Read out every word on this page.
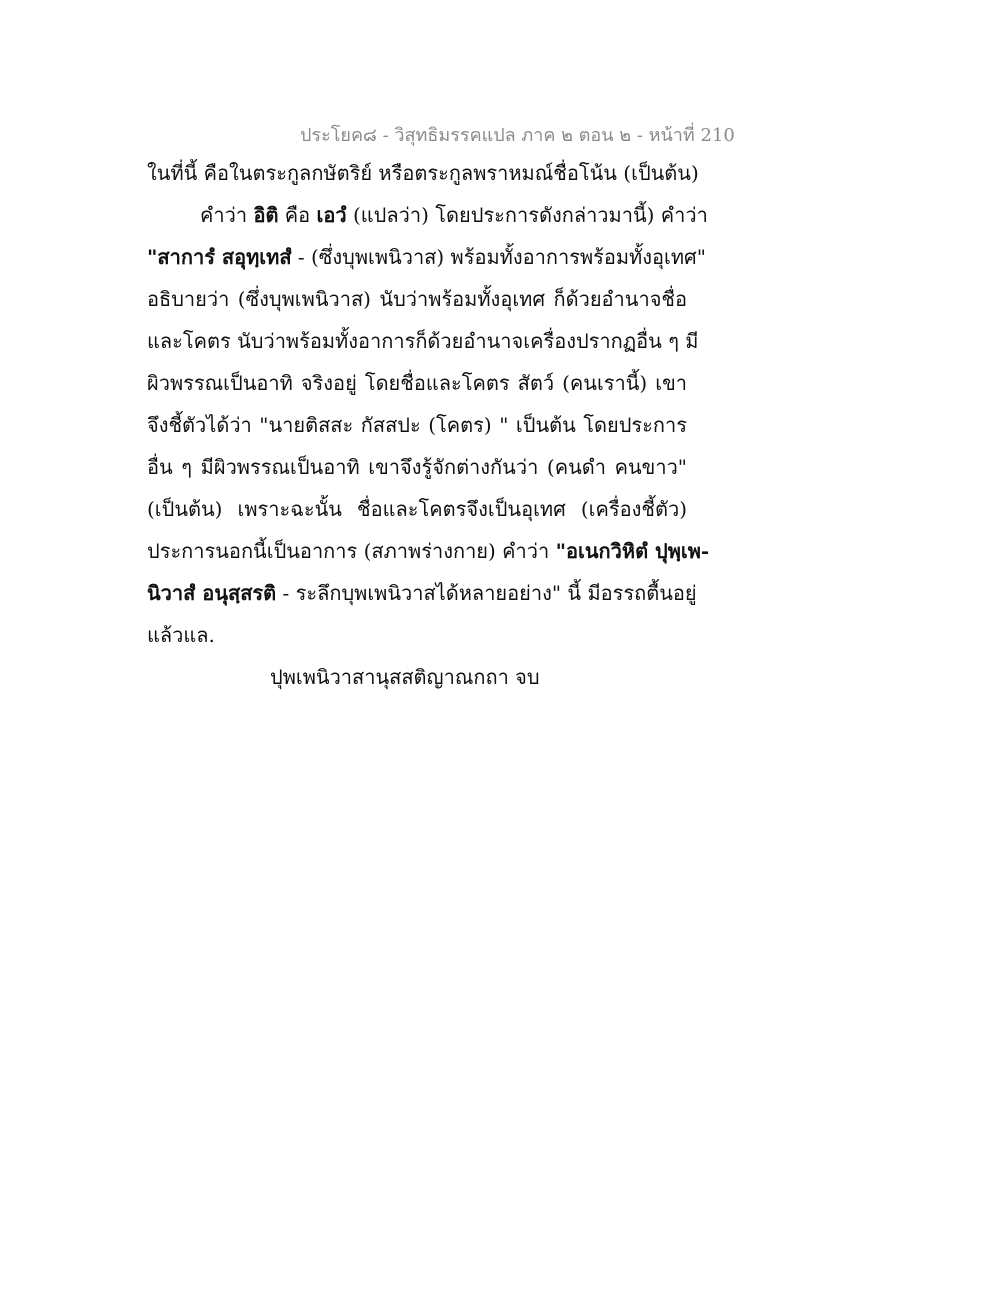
ประโยค๘ - วิสุทธิมรรคแปล ภาค ๒ ตอน ๒ - หน้าที่ 210
ในที่นี้ คือในตระกูลกษัตริย์ หรือตระกูลพราหมณ์ชื่อโน้น (เป็นต้น)
คำว่า อิติ คือ เอวํ (แปลว่า) โดยประการดังกล่าวมานี้) คำว่า
"สาการํ สอุทฺเทสํ - (ซึ่งบุพเพนิวาส) พร้อมทั้งอาการพร้อมทั้งอุเทศ"
อธิบายว่า (ซึ่งบุพเพนิวาส) นับว่าพร้อมทั้งอุเทศ ก็ด้วยอำนาจชื่อ
และโคตร นับว่าพร้อมทั้งอาการก็ด้วยอำนาจเครื่องปรากฏอื่น ๆ มี
ผิวพรรณเป็นอาทิ จริงอยู่ โดยชื่อและโคตร สัตว์ (คนเรานี้) เขา
จึงชี้ตัวได้ว่า "นายติสสะ กัสสปะ (โคตร) " เป็นต้น โดยประการ
อื่น ๆ มีผิวพรรณเป็นอาทิ เขาจึงรู้จักต่างกันว่า (คนดำ คนขาว"
(เป็นต้น) เพราะฉะนั้น ชื่อและโคตรจึงเป็นอุเทศ (เครื่องชี้ตัว)
ประการนอกนี้เป็นอาการ (สภาพร่างกาย) คำว่า "อเนกวิหิตํ ปุพฺเพ-
นิวาสํ อนุสฺสรติ - ระลึกบุพเพนิวาสได้หลายอย่าง" นี้ มีอรรถตื้นอยู่
แล้วแล.
ปุพเพนิวาสานุสสติญาณกถา จบ
